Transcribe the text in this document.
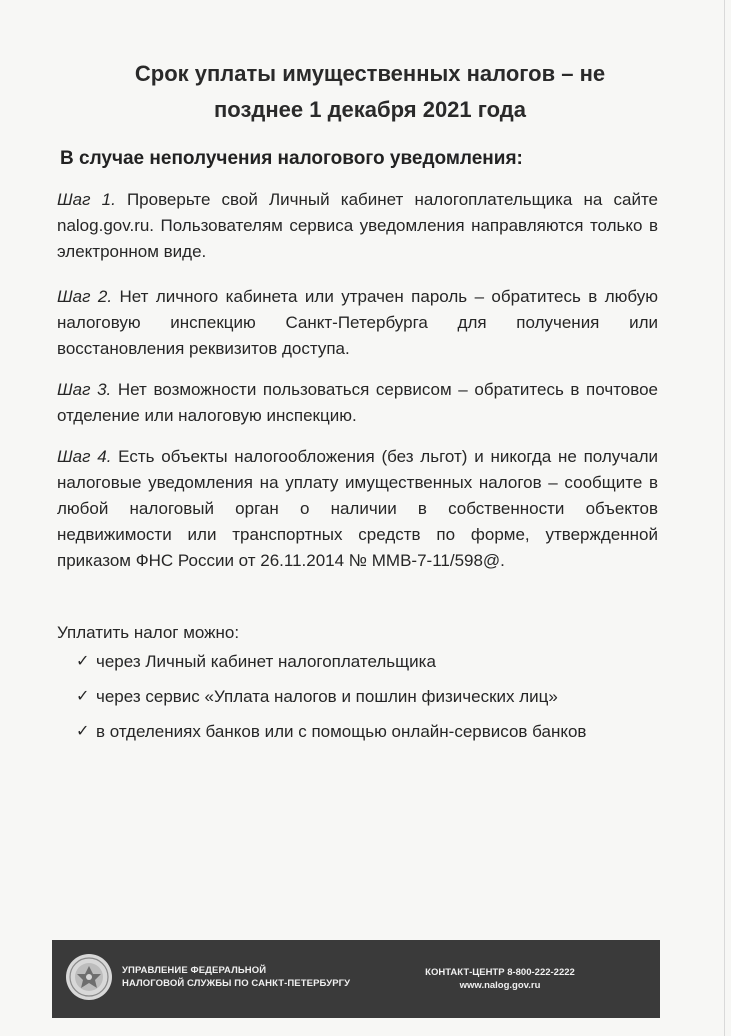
Срок уплаты имущественных налогов – не
позднее 1 декабря 2021 года
В случае неполучения налогового уведомления:
Шаг 1. Проверьте свой Личный кабинет налогоплательщика на сайте nalog.gov.ru. Пользователям сервиса уведомления направляются только в электронном виде.
Шаг 2. Нет личного кабинета или утрачен пароль – обратитесь в любую налоговую инспекцию Санкт-Петербурга для получения или восстановления реквизитов доступа.
Шаг 3. Нет возможности пользоваться сервисом – обратитесь в почтовое отделение или налоговую инспекцию.
Шаг 4. Есть объекты налогообложения (без льгот) и никогда не получали налоговые уведомления на уплату имущественных налогов – сообщите в любой налоговый орган о наличии в собственности объектов недвижимости или транспортных средств по форме, утвержденной приказом ФНС России от 26.11.2014 № ММВ-7-11/598@.
Уплатить налог можно:
✓ через Личный кабинет налогоплательщика
✓ через сервис «Уплата налогов и пошлин физических лиц»
✓ в отделениях банков или с помощью онлайн-сервисов банков
УПРАВЛЕНИЕ ФЕДЕРАЛЬНОЙ
НАЛОГОВОЙ СЛУЖБЫ ПО САНКТ-ПЕТЕРБУРГУ
КОНТАКТ-ЦЕНТР 8-800-222-2222
www.nalog.gov.ru
